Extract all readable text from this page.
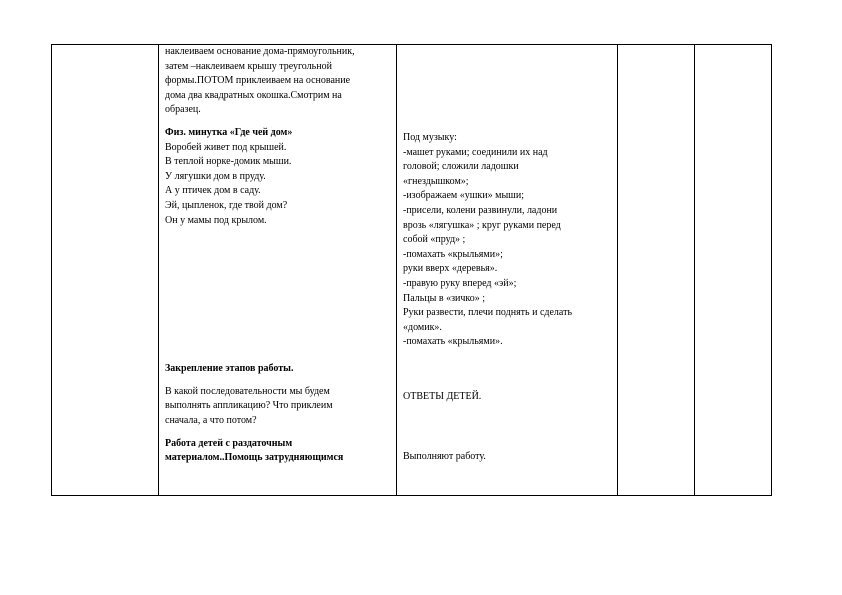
наклеиваем основание дома-прямоугольник,

затем –наклеиваем крышу треугольной

формы.ПОТОМ приклеиваем на основание

дома два квадратных окошка.Смотрим на

образец.

Физ. минутка «Где чей дом»

Воробей живет под крышей.

В теплой норке-домик мыши.

У лягушки дом в пруду.

А у птичек дом в саду.

Эй, цыпленок, где твой дом?

Он у мамы под крылом.

Закрепление этапов работы.

В какой последовательности мы будем

выполнять аппликацию? Что приклеим

сначала, а что потом?

Работа детей с раздаточным

материалом..Помощь затрудняющимся

Под музыку:

-машет руками; соединили их над

головой; сложили ладошки

«гнездышком»;

-изображаем «ушки» мыши;

-присели, колени развинули, ладони

врозь «лягушка» ; круг руками перед

собой «пруд» ;

-помахать «крыльями»;

руки вверх «деревья».

-правую руку вперед «эй»;

Пальцы в «зичко» ;

Руки развести, плечи поднять и сделать

«домик».

-помахать «крыльями».

ОТВЕТЫ ДЕТЕЙ.

Выполняют работу.
